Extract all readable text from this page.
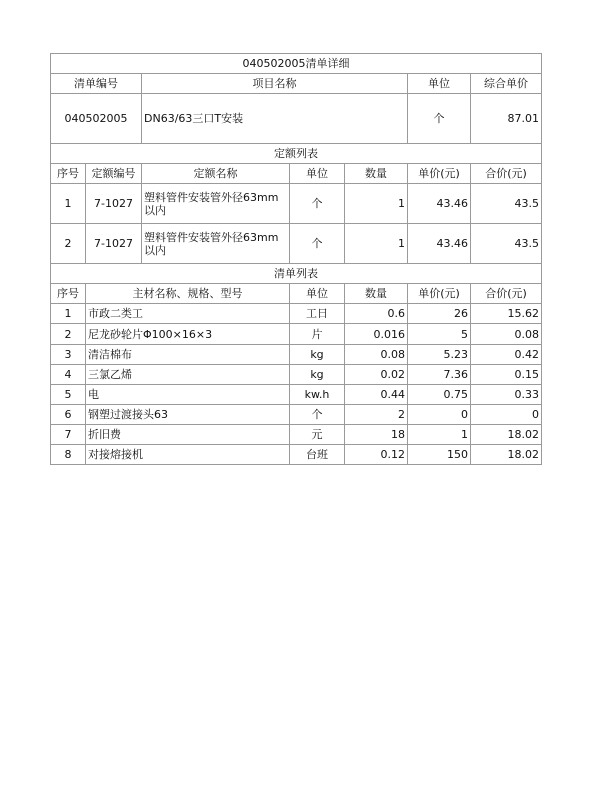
040502005清单详细						
清单编号		项目名称			单位	综合单价
040502005		DN63/63三口T安装			个	87.01
定额列表						
序号	定额编号	定额名称	单位	数量	单价(元)	合价(元)
1	7-1027	塑料管件安装管外径63mm以内	个	1	43.46	43.5
2	7-1027	塑料管件安装管外径63mm以内	个	1	43.46	43.5
清单列表						
序号	主材名称、规格、型号		单位	数量	单价(元)	合价(元)
1	市政二类工		工日	0.6	26	15.62
2	尼龙砂轮片Φ100×16×3		片	0.016	5	0.08
3	清洁棉布		kg	0.08	5.23	0.42
4	三氯乙烯		kg	0.02	7.36	0.15
5	电		kw.h	0.44	0.75	0.33
6	钢塑过渡接头63		个	2	0	0
7	折旧费		元	18	1	18.02
8	对接熔接机		台班	0.12	150	18.02
